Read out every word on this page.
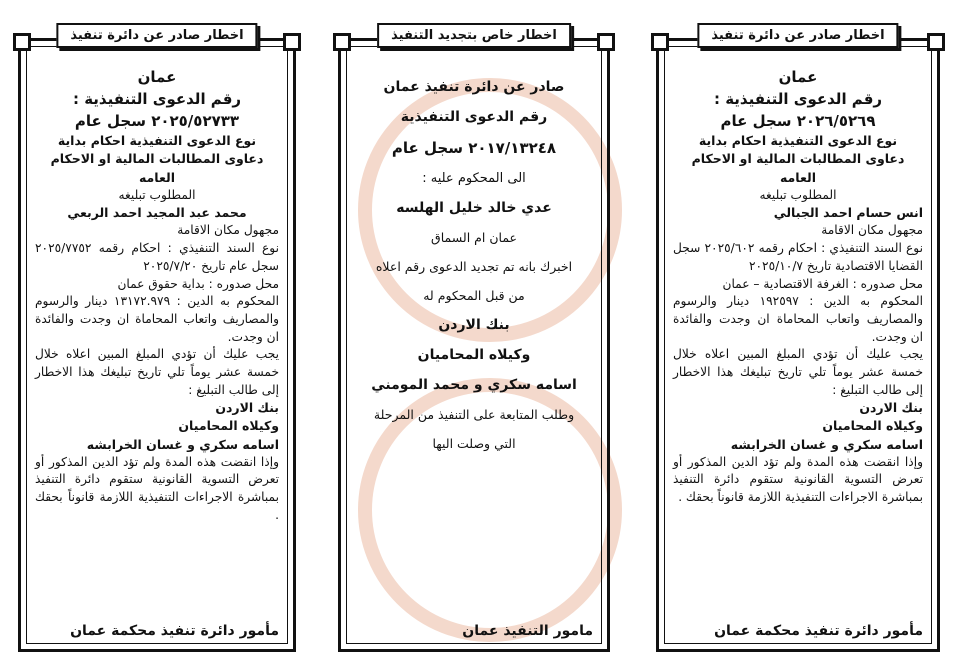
اخطار صادر عن دائرة تنفيذ

عمان

رقم الدعوى التنفيذية :

٢٠٢٥/٥٢٧٣٣ سجل عام

نوع الدعوى التنفيذية احكام بداية

دعاوى المطالبات المالية او الاحكام العامه

المطلوب تبليغه

محمد عبد المجيد احمد الربعي

مجهول مكان الاقامة

نوع السند التنفيذي : احكام رقمه ٢٠٢٥/٧٧٥٢ سجل عام تاريخ ٢٠٢٥/٧/٢٠

محل صدوره : بداية حقوق عمان

المحكوم به الدين : ١٣١٧٢.٩٧٩ دينار والرسوم والمصاريف واتعاب المحاماة ان وجدت والفائدة ان وجدت.

يجب عليك أن تؤدي المبلغ المبين اعلاه خلال خمسة عشر يوماً تلي تاريخ تبليغك هذا الاخطار إلى طالب التبليغ :

بنك الاردن

وكيلاه المحاميان

اسامه سكري و غسان الخرابشه

وإذا انقضت هذه المدة ولم تؤد الدين المذكور أو تعرض التسوية القانونية ستقوم دائرة التنفيذ بمباشرة الاجراءات التنفيذية اللازمة قانوناً بحقك .

مأمور دائرة تنفيذ محكمة عمان
اخطار خاص بتجديد التنفيذ

صادر عن دائرة تنفيذ عمان

رقم الدعوى التنفيذية

٢٠١٧/١٣٢٤٨ سجل عام

الى المحكوم عليه :

عدي خالد خليل الهلسه

عمان ام السماق

اخبرك بانه تم تجديد الدعوى رقم اعلاه

من قبل المحكوم له

بنك الاردن

وكيلاه المحاميان

اسامه سكري و محمد المومني

وطلب المتابعة على التنفيذ من المرحلة

التي وصلت اليها

مامور التنفيذ عمان
اخطار صادر عن دائرة تنفيذ

عمان

رقم الدعوى التنفيذية :

٢٠٢٦/٥٢٦٩ سجل عام

نوع الدعوى التنفيذية احكام بداية

دعاوى المطالبات المالية او الاحكام العامه

المطلوب تبليغه

انس حسام احمد الجبالي

مجهول مكان الاقامة

نوع السند التنفيذي : احكام رقمه ٢٠٢٥/٦٠٢ سجل القضايا الاقتصادية تاريخ ٢٠٢٥/١٠/٧

محل صدوره : الغرفة الاقتصادية – عمان

المحكوم به الدين : ١٩٢٥٩٧ دينار والرسوم والمصاريف واتعاب المحاماة ان وجدت والفائدة ان وجدت.

يجب عليك أن تؤدي المبلغ المبين اعلاه خلال خمسة عشر يوماً تلي تاريخ تبليغك هذا الاخطار إلى طالب التبليغ :

بنك الاردن

وكيلاه المحاميان

اسامه سكري و غسان الخرابشه

وإذا انقضت هذه المدة ولم تؤد الدين المذكور أو تعرض التسوية القانونية ستقوم دائرة التنفيذ بمباشرة الاجراءات التنفيذية اللازمة قانوناً بحقك .

مأمور دائرة تنفيذ محكمة عمان
